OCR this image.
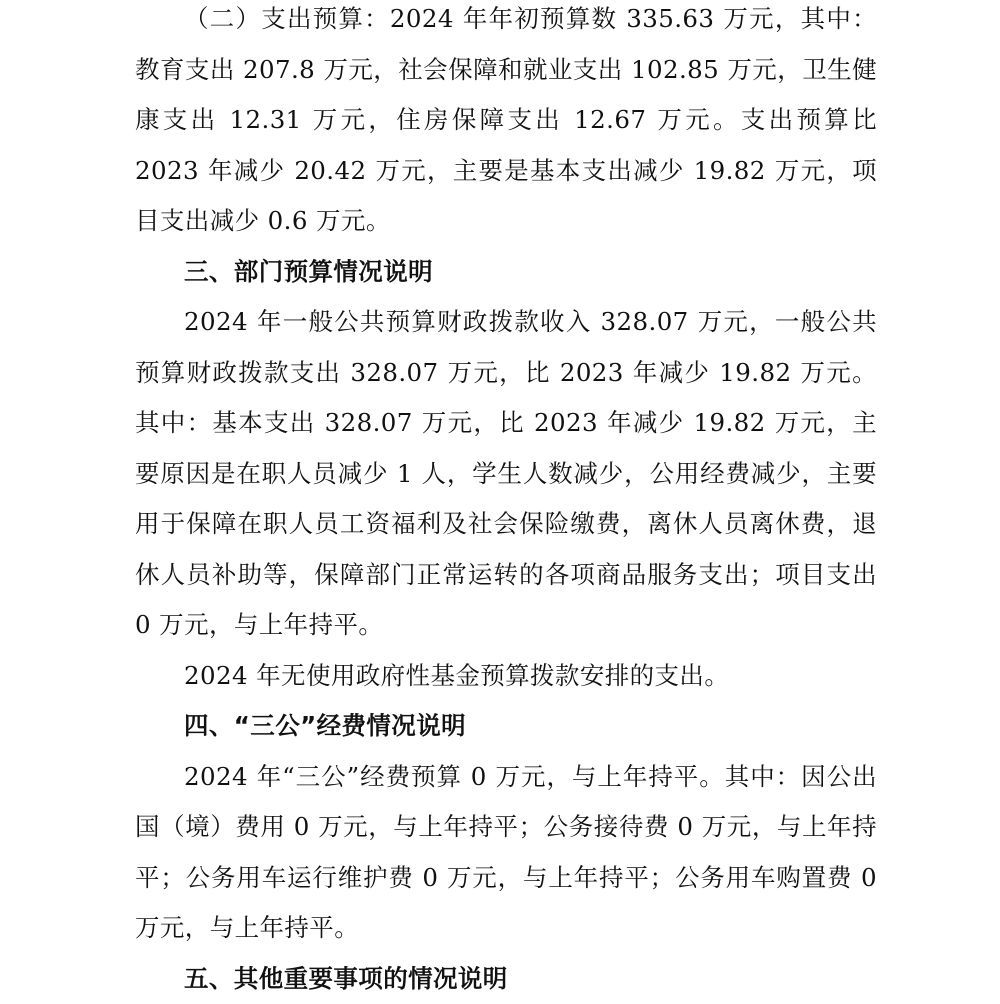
（二）支出预算：2024 年年初预算数 335.63 万元，其中：教育支出 207.8 万元，社会保障和就业支出 102.85 万元，卫生健康支出 12.31 万元，住房保障支出 12.67 万元。支出预算比 2023 年减少 20.42 万元，主要是基本支出减少 19.82 万元，项目支出减少 0.6 万元。

三、部门预算情况说明

2024 年一般公共预算财政拨款收入 328.07 万元，一般公共预算财政拨款支出 328.07 万元，比 2023 年减少 19.82 万元。其中：基本支出 328.07 万元，比 2023 年减少 19.82 万元，主要原因是在职人员减少 1 人，学生人数减少，公用经费减少，主要用于保障在职人员工资福利及社会保险缴费，离休人员离休费，退休人员补助等，保障部门正常运转的各项商品服务支出；项目支出 0 万元，与上年持平。

2024 年无使用政府性基金预算拨款安排的支出。

四、“三公”经费情况说明

2024 年“三公”经费预算 0 万元，与上年持平。其中：因公出国（境）费用 0 万元，与上年持平；公务接待费 0 万元，与上年持平；公务用车运行维护费 0 万元，与上年持平；公务用车购置费 0 万元，与上年持平。

五、其他重要事项的情况说明
